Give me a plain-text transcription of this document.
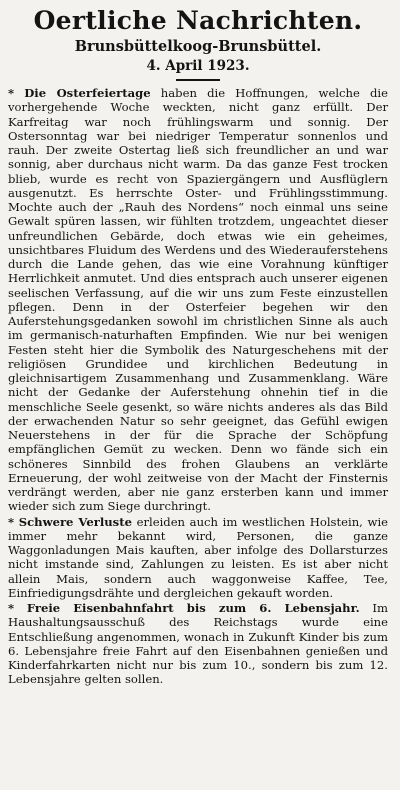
Oertliche Nachrichten.
Brunsbüttelkoog-Brunsbüttel.
4. April 1923.

* Die Osterfeiertage haben die Hoffnungen, welche die vorhergehende Woche weckten, nicht ganz erfüllt. Der Karfreitag war noch frühlingswarm und sonnig. Der Ostersonntag war bei niedriger Temperatur sonnenlos und rauh. Der zweite Ostertag ließ sich freundlicher an und war sonnig, aber durchaus nicht warm. Da das ganze Fest trocken blieb, wurde es recht von Spaziergängern und Ausflüglern ausgenutzt. Es herrschte Oster- und Frühlingsstimmung. Mochte auch der „Rauh des Nordens“ noch einmal uns seine Gewalt spüren lassen, wir fühlten trotzdem, ungeachtet dieser unfreundlichen Gebärde, doch etwas wie ein geheimes, unsichtbares Fluidum des Werdens und des Wiederauferstehens durch die Lande gehen, das wie eine Vorahnung künftiger Herrlichkeit anmutet. Und dies entsprach auch unserer eigenen seelischen Verfassung, auf die wir uns zum Feste einzustellen pflegen. Denn in der Osterfeier begehen wir den Auferstehungsgedanken sowohl im christlichen Sinne als auch im germanisch-naturhaften Empfinden. Wie nur bei wenigen Festen steht hier die Symbolik des Naturgeschehens mit der religiösen Grundidee und kirchlichen Bedeutung in gleichnisartigem Zusammenhang und Zusammenklang. Wäre nicht der Gedanke der Auferstehung ohnehin tief in die menschliche Seele gesenkt, so wäre nichts anderes als das Bild der erwachenden Natur so sehr geeignet, das Gefühl ewigen Neuerstehens in der für die Sprache der Schöpfung empfänglichen Gemüt zu wecken. Denn wo fände sich ein schöneres Sinnbild des frohen Glaubens an verklärte Erneuerung, der wohl zeitweise von der Macht der Finsternis verdrängt werden, aber nie ganz ersterben kann und immer wieder sich zum Siege durchringt.

* Schwere Verluste erleiden auch im westlichen Holstein, wie immer mehr bekannt wird, Personen, die ganze Waggonladungen Mais kauften, aber infolge des Dollarsturzes nicht imstande sind, Zahlungen zu leisten. Es ist aber nicht allein Mais, sondern auch waggonweise Kaffee, Tee, Einfriedigungsdrähte und dergleichen gekauft worden.

* Freie Eisenbahnfahrt bis zum 6. Lebensjahr. Im Haushaltungsausschuß des Reichstags wurde eine Entschließung angenommen, wonach in Zukunft Kinder bis zum 6. Lebensjahre freie Fahrt auf den Eisenbahnen genießen und Kinderfahrkarten nicht nur bis zum 10., sondern bis zum 12. Lebensjahre gelten sollen.
